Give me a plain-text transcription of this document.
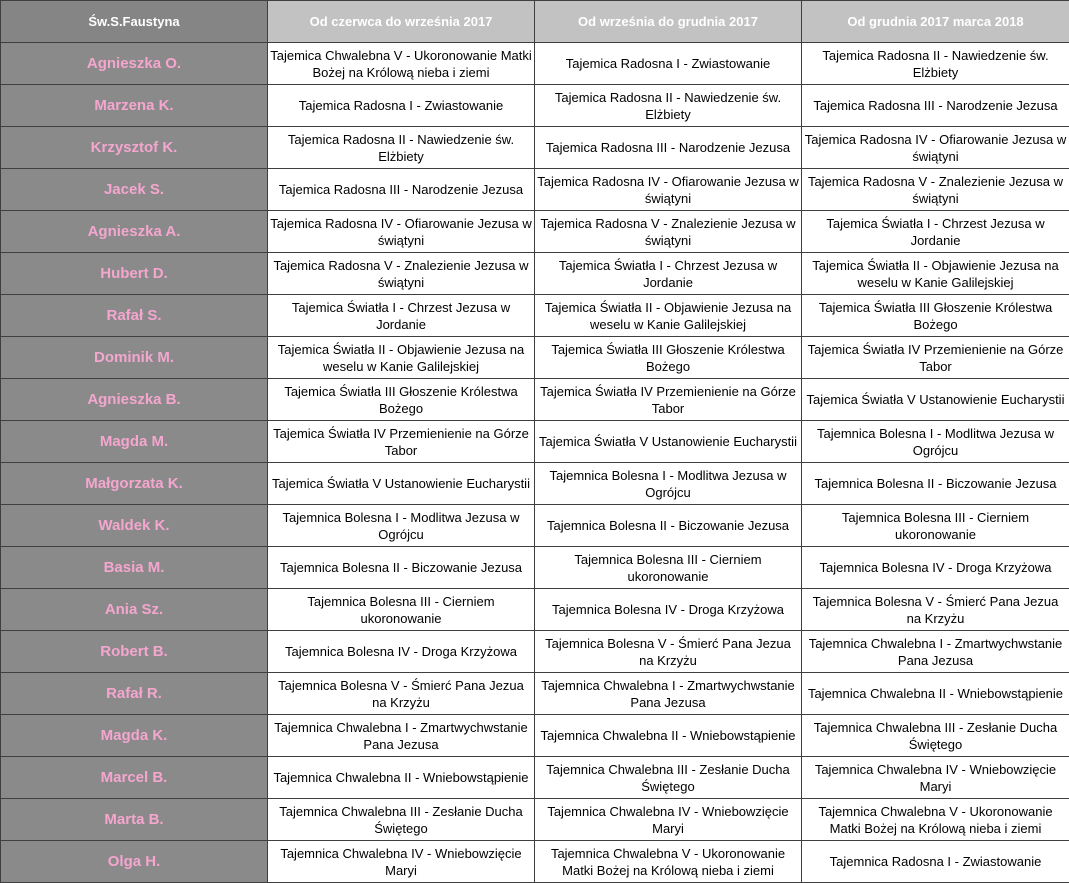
Św.S.Faustyna	Od czerwca do września 2017	Od września do grudnia 2017	Od grudnia 2017 marca 2018
Agnieszka O.	Tajemica Chwalebna V - Ukoronowanie Matki Bożej na Królową nieba i ziemi	Tajemica Radosna I - Zwiastowanie	Tajemica Radosna II - Nawiedzenie św. Elżbiety
Marzena K.	Tajemica Radosna I - Zwiastowanie	Tajemica Radosna II - Nawiedzenie św. Elżbiety	Tajemica Radosna III - Narodzenie Jezusa
Krzysztof K.	Tajemica Radosna II - Nawiedzenie św. Elżbiety	Tajemica Radosna III - Narodzenie Jezusa	Tajemica Radosna IV - Ofiarowanie Jezusa w świątyni
Jacek S.	Tajemica Radosna III - Narodzenie Jezusa	Tajemica Radosna IV - Ofiarowanie Jezusa w świątyni	Tajemica Radosna V - Znalezienie Jezusa w świątyni
Agnieszka A.	Tajemica Radosna IV - Ofiarowanie Jezusa w świątyni	Tajemica Radosna V - Znalezienie Jezusa w świątyni	Tajemica Światła I - Chrzest Jezusa w Jordanie
Hubert D.	Tajemica Radosna V - Znalezienie Jezusa w świątyni	Tajemica Światła I - Chrzest Jezusa w Jordanie	Tajemica Światła II - Objawienie Jezusa na weselu w Kanie Galilejskiej
Rafał S.	Tajemica Światła I - Chrzest Jezusa w Jordanie	Tajemica Światła II - Objawienie Jezusa na weselu w Kanie Galilejskiej	Tajemica Światła III Głoszenie Królestwa Bożego
Dominik M.	Tajemica Światła II - Objawienie Jezusa na weselu w Kanie Galilejskiej	Tajemica Światła III Głoszenie Królestwa Bożego	Tajemica Światła IV Przemienienie na Górze Tabor
Agnieszka B.	Tajemica Światła III Głoszenie Królestwa Bożego	Tajemica Światła IV Przemienienie na Górze Tabor	Tajemica Światła V Ustanowienie Eucharystii
Magda M.	Tajemica Światła IV Przemienienie na Górze Tabor	Tajemica Światła V Ustanowienie Eucharystii	Tajemnica Bolesna I - Modlitwa Jezusa w Ogrójcu
Małgorzata K.	Tajemica Światła V Ustanowienie Eucharystii	Tajemnica Bolesna I - Modlitwa Jezusa w Ogrójcu	Tajemnica Bolesna II - Biczowanie Jezusa
Waldek K.	Tajemnica Bolesna I - Modlitwa Jezusa w Ogrójcu	Tajemnica Bolesna II - Biczowanie Jezusa	Tajemnica Bolesna III - Cierniem ukoronowanie
Basia M.	Tajemnica Bolesna II - Biczowanie Jezusa	Tajemnica Bolesna III - Cierniem ukoronowanie	Tajemnica Bolesna IV - Droga Krzyżowa
Ania Sz.	Tajemnica Bolesna III - Cierniem ukoronowanie	Tajemnica Bolesna IV - Droga Krzyżowa	Tajemnica Bolesna V - Śmierć Pana Jezua na Krzyżu
Robert B.	Tajemnica Bolesna IV - Droga Krzyżowa	Tajemnica Bolesna V - Śmierć Pana Jezua na Krzyżu	Tajemnica Chwalebna I - Zmartwychwstanie Pana Jezusa
Rafał R.	Tajemnica Bolesna V - Śmierć Pana Jezua na Krzyżu	Tajemnica Chwalebna I - Zmartwychwstanie Pana Jezusa	Tajemnica Chwalebna II - Wniebowstąpienie
Magda K.	Tajemnica Chwalebna I - Zmartwychwstanie Pana Jezusa	Tajemnica Chwalebna II - Wniebowstąpienie	Tajemnica Chwalebna III - Zesłanie Ducha Świętego
Marcel B.	Tajemnica Chwalebna II - Wniebowstąpienie	Tajemnica Chwalebna III - Zesłanie Ducha Świętego	Tajemnica Chwalebna IV - Wniebowzięcie Maryi
Marta B.	Tajemnica Chwalebna III - Zesłanie Ducha Świętego	Tajemnica Chwalebna IV - Wniebowzięcie Maryi	Tajemnica Chwalebna V - Ukoronowanie Matki Bożej na Królową nieba i ziemi
Olga H.	Tajemnica Chwalebna IV - Wniebowzięcie Maryi	Tajemnica Chwalebna V - Ukoronowanie Matki Bożej na Królową nieba i ziemi	Tajemnica Radosna I - Zwiastowanie
